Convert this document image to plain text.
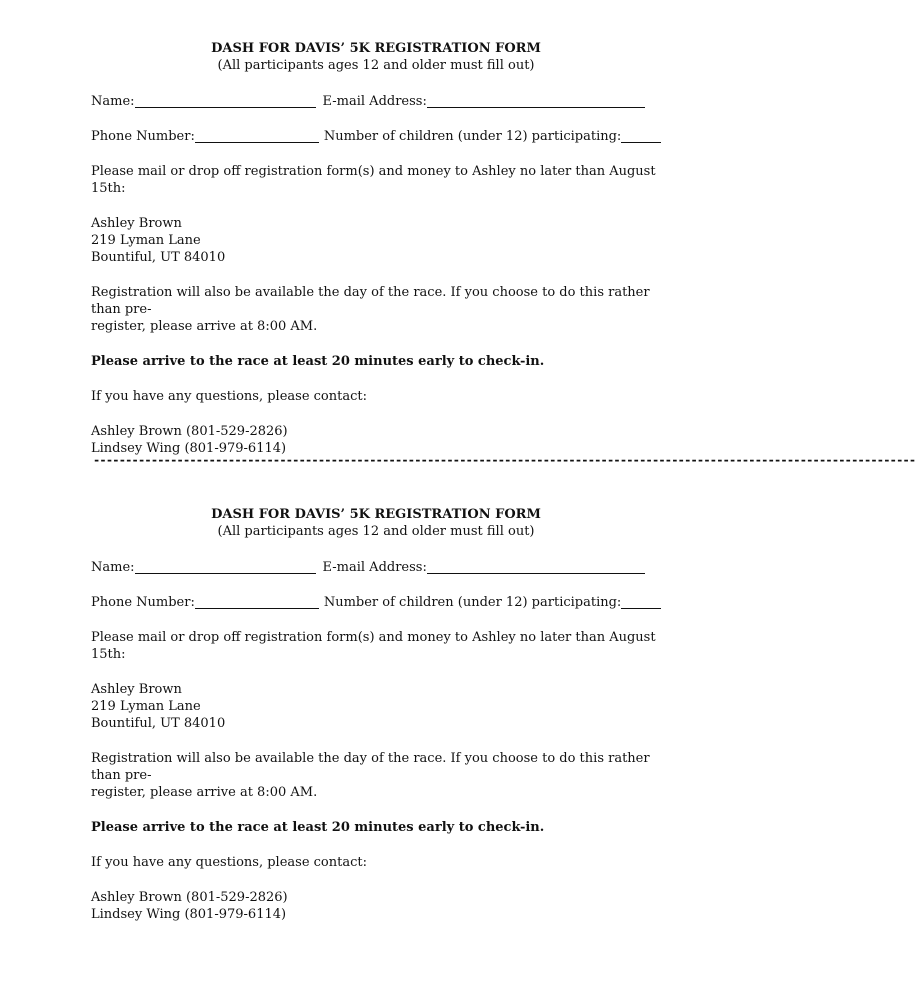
DASH FOR DAVIS’ 5K REGISTRATION FORM
(All participants ages 12 and older must fill out)
Name:	E-mail Address:
Phone Number:	Number of children (under 12) participating:
Please mail or drop off registration form(s) and money to Ashley no later than August 15th:
Ashley Brown
219 Lyman Lane
Bountiful, UT 84010
Registration will also be available the day of the race. If you choose to do this rather than pre-
register, please arrive at 8:00 AM.
Please arrive to the race at least 20 minutes early to check-in.
If you have any questions, please contact:
Ashley Brown (801-529-2826)
Lindsey Wing (801-979-6114)
--------------------------------------------------------------------------------------------------------------------------------
DASH FOR DAVIS’ 5K REGISTRATION FORM
(All participants ages 12 and older must fill out)
Name:	E-mail Address:
Phone Number:	Number of children (under 12) participating:
Please mail or drop off registration form(s) and money to Ashley no later than August 15th:
Ashley Brown
219 Lyman Lane
Bountiful, UT 84010
Registration will also be available the day of the race. If you choose to do this rather than pre-
register, please arrive at 8:00 AM.
Please arrive to the race at least 20 minutes early to check-in.
If you have any questions, please contact:
Ashley Brown (801-529-2826)
Lindsey Wing (801-979-6114)
